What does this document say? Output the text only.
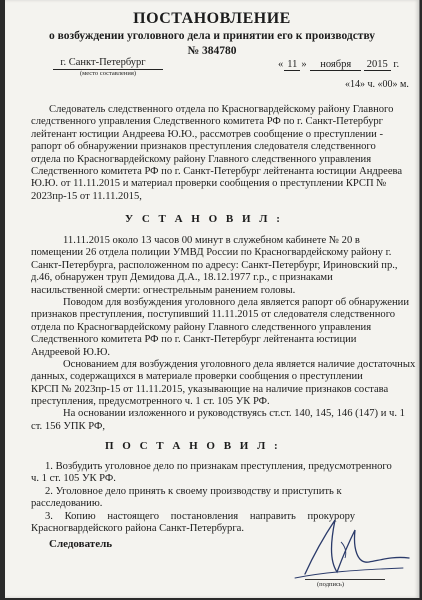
ПОСТАНОВЛЕНИЕ
о возбуждении уголовного дела и принятии его к производству
№ 384780
г. Санкт-Петербург
(место составления)
« 11 » ноября 2015 г.
«14» ч. «00» м.
Следователь следственного отдела по Красногвардейскому району Главного
следственного управления Следственного комитета РФ по г. Санкт-Петербург
лейтенант юстиции Андреева Ю.Ю., рассмотрев сообщение о преступлении -
рапорт об обнаружении признаков преступления следователя следственного
отдела по Красногвардейскому району Главного следственного управления
Следственного комитета РФ по г. Санкт-Петербург лейтенанта юстиции Андреева
Ю.Ю. от 11.11.2015 и материал проверки сообщения о преступлении КРСП №
2023пр-15 от 11.11.2015,
У С Т А Н О В И Л :
11.11.2015 около 13 часов 00 минут в служебном кабинете № 20 в
помещении 26 отдела полиции УМВД России по Красногвардейскому району г.
Санкт-Петербурга, расположенном по адресу: Санкт-Петербург, Ириновский пр.,
д.46, обнаружен труп Демидова Д.А., 18.12.1977 г.р., с признаками
насильственной смерти: огнестрельным ранением головы.
Поводом для возбуждения уголовного дела является рапорт об обнаружении
признаков преступления, поступивший 11.11.2015 от следователя следственного
отдела по Красногвардейскому району Главного следственного управления
Следственного комитета РФ по г. Санкт-Петербург лейтенанта юстиции
Андреевой Ю.Ю.
Основанием для возбуждения уголовного дела является наличие достаточных
данных, содержащихся в материале проверки сообщения о преступлении
КРСП № 2023пр-15 от 11.11.2015, указывающие на наличие признаков состава
преступления, предусмотренного ч. 1 ст. 105 УК РФ.
На основании изложенного и руководствуясь ст.ст. 140, 145, 146 (147) и ч. 1
ст. 156 УПК РФ,
П О С Т А Н О В И Л :
1. Возбудить уголовное дело по признакам преступления, предусмотренного
ч. 1 ст. 105 УК РФ.
2. Уголовное дело принять к своему производству и приступить к
расследованию.
3. Копию настоящего постановления направить прокурору
Красногвардейского района Санкт-Петербурга.
Следователь
(подпись)
